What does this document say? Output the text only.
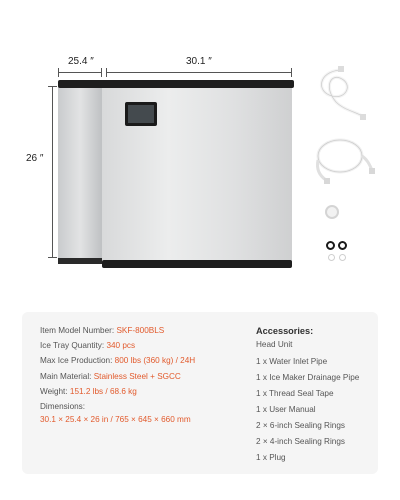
25.4 ″	30.1 ″
26 ″
Item Model Number: SKF-800BLS
Ice Tray Quantity: 340 pcs
Max Ice Production: 800 lbs (360 kg) / 24H
Main Material: Stainless Steel + SGCC
Weight: 151.2 lbs / 68.6 kg
Dimensions:
30.1 × 25.4 × 26 in / 765 × 645 × 660 mm
Accessories:
Head Unit
1 x Water Inlet Pipe
1 x Ice Maker Drainage Pipe
1 x Thread Seal Tape
1 x User Manual
2 × 6-inch Sealing Rings
2 × 4-inch Sealing Rings
1 x Plug
